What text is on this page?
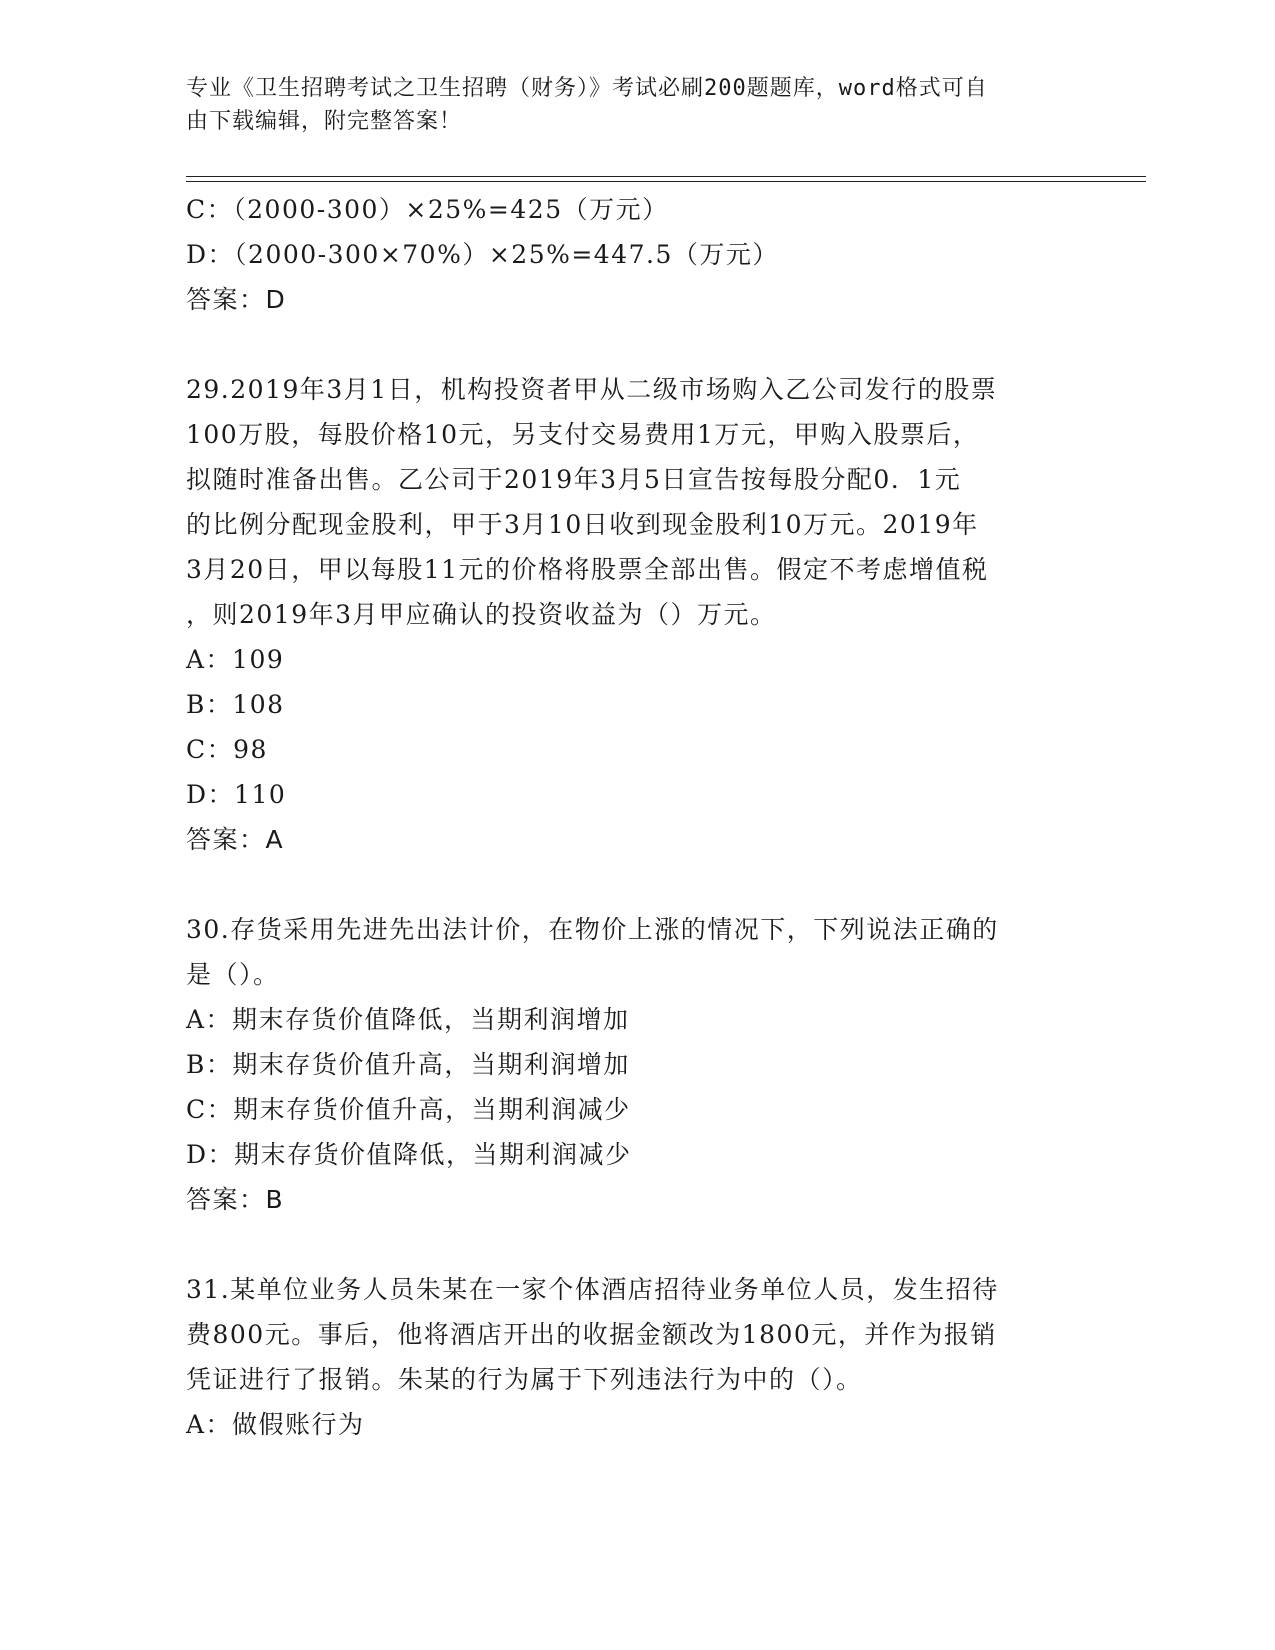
专业《卫生招聘考试之卫生招聘（财务）》考试必刷200题题库，word格式可自
由下载编辑，附完整答案！
C：（2000-300）×25%=425（万元）
D：（2000-300×70%）×25%=447.5（万元）
答案：D
29.2019年3月1日，机构投资者甲从二级市场购入乙公司发行的股票
100万股，每股价格10元，另支付交易费用1万元，甲购入股票后，
拟随时准备出售。乙公司于2019年3月5日宣告按每股分配0．1元
的比例分配现金股利，甲于3月10日收到现金股利10万元。2019年
3月20日，甲以每股11元的价格将股票全部出售。假定不考虑增值税
，则2019年3月甲应确认的投资收益为（）万元。
A：109
B：108
C：98
D：110
答案：A
30.存货采用先进先出法计价，在物价上涨的情况下，下列说法正确的
是（）。
A：期末存货价值降低，当期利润增加
B：期末存货价值升高，当期利润增加
C：期末存货价值升高，当期利润减少
D：期末存货价值降低，当期利润减少
答案：B
31.某单位业务人员朱某在一家个体酒店招待业务单位人员，发生招待
费800元。事后，他将酒店开出的收据金额改为1800元，并作为报销
凭证进行了报销。朱某的行为属于下列违法行为中的（）。
A：做假账行为
